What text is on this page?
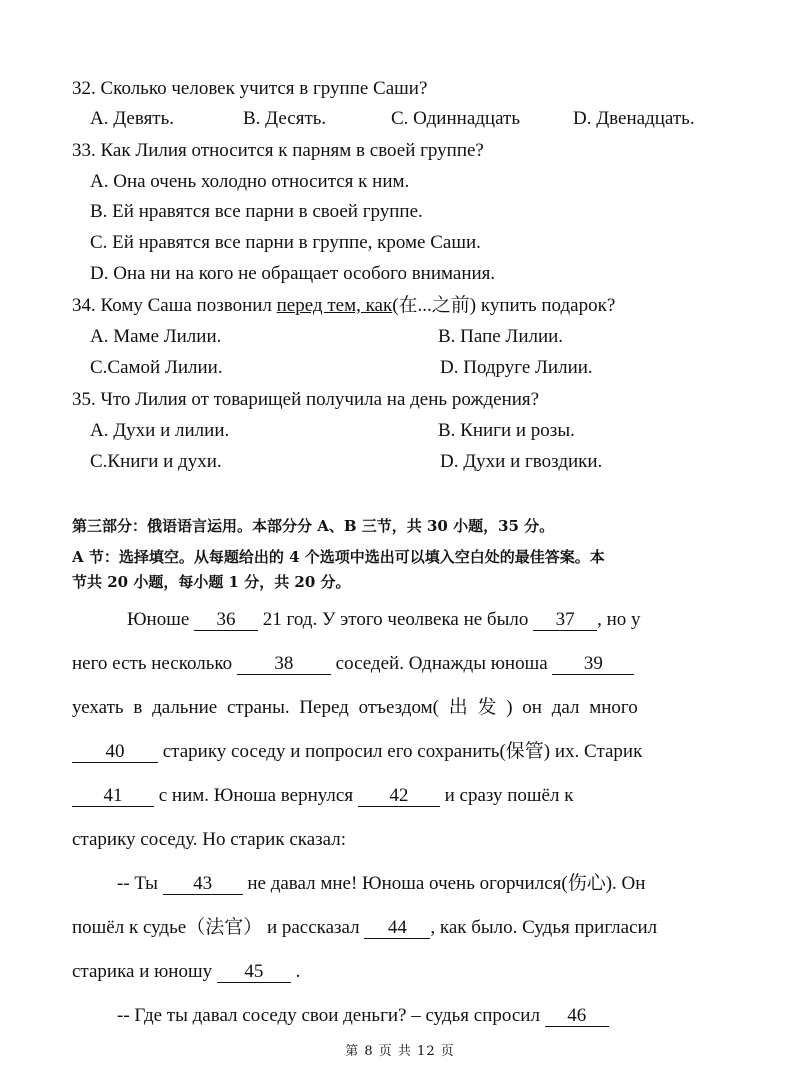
32. Сколько человек учится в группе Саши?
A. Девять.	B. Десять.	C. Одиннадцать	D. Двенадцать.
33. Как Лилия относится к парням в своей группе?
A. Она очень холодно относится к ним.
B. Ей нравятся все парни в своей группе.
C. Ей нравятся все парни в группе, кроме Саши.
D. Она ни на кого не обращает особого внимания.
34. Кому Саша позвонил перед тем, как(在...之前) купить подарок?
A. Маме Лилии.	B. Папе Лилии.
C.Самой Лилии.	D. Подруге Лилии.
35. Что Лилия от товарищей получила на день рождения?
A. Духи и лилии.	B. Книги и розы.
C.Книги и духи.	D. Духи и гвоздики.
第三部分：俄语语言运用。本部分分 A、B 三节，共 30 小题，35 分。
A 节：选择填空。从每题给出的 4 个选项中选出可以填入空白处的最佳答案。本
节共 20 小题，每小题 1 分，共 20 分。
Юноше 36 21 год. У этого чеолвека не было 37 , но у
него есть несколько 38 соседей. Однажды юноша 39
уехать в дальние страны. Перед отъездом( 出 发 ) он дал много
40 старику соседу и попросил его сохранить(保管) их. Старик
41 с ним. Юноша вернулся 42 и сразу пошёл к
старику соседу. Но старик сказал:
-- Ты 43 не давал мне! Юноша очень огорчился(伤心). Он
пошёл к судье（法官） и рассказал 44 , как было. Судья пригласил
старика и юношу 45 .
-- Где ты давал соседу свои деньги? – судья спросил 46
第 8 页 共 12 页
